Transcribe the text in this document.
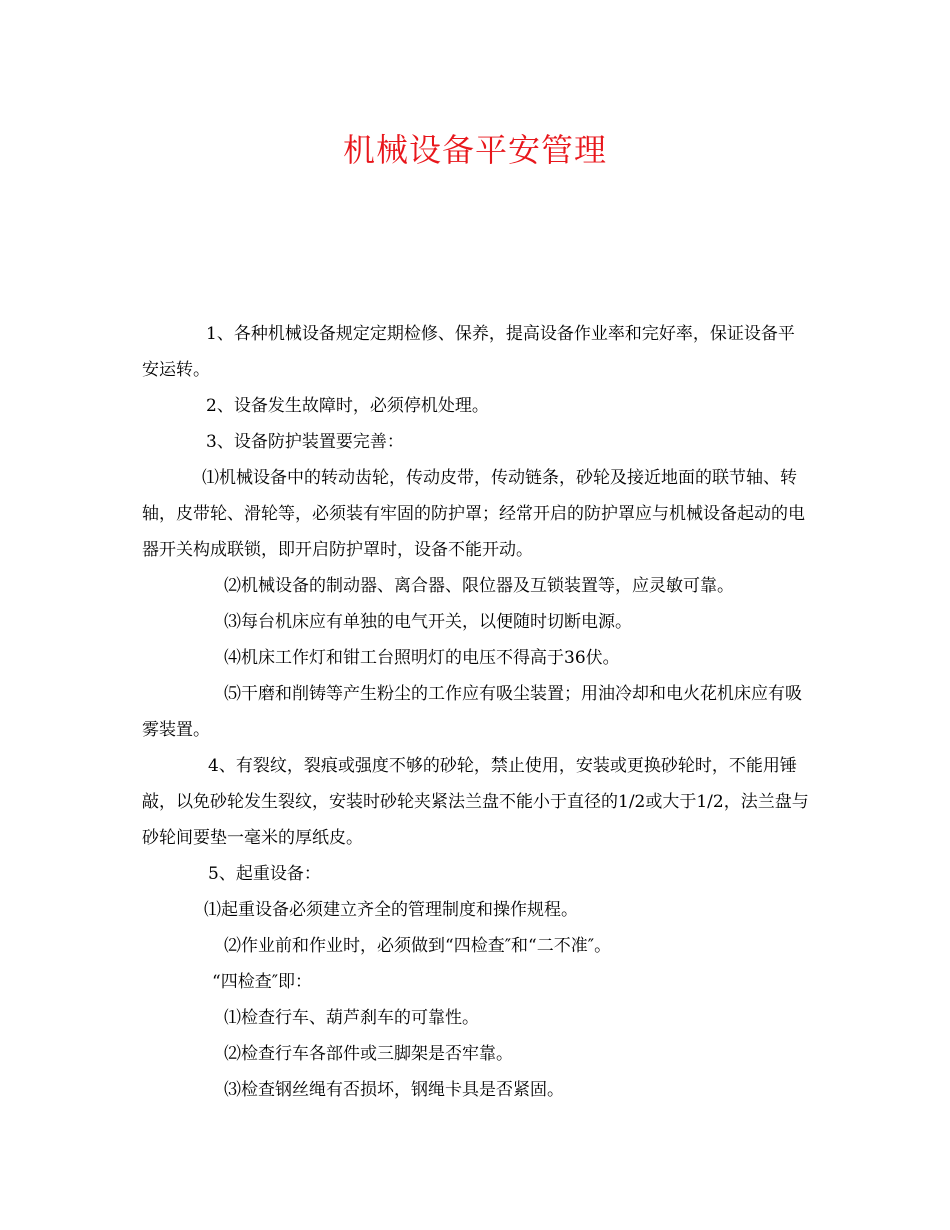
机械设备平安管理

1、各种机械设备规定定期检修、保养，提高设备作业率和完好率，保证设备平安运转。

2、设备发生故障时，必须停机处理。

3、设备防护装置要完善：

⑴机械设备中的转动齿轮，传动皮带，传动链条，砂轮及接近地面的联节轴、转轴，皮带轮、滑轮等，必须装有牢固的防护罩；经常开启的防护罩应与机械设备起动的电器开关构成联锁，即开启防护罩时，设备不能开动。

⑵机械设备的制动器、离合器、限位器及互锁装置等，应灵敏可靠。

⑶每台机床应有单独的电气开关，以便随时切断电源。

⑷机床工作灯和钳工台照明灯的电压不得高于36伏。

⑸干磨和削铸等产生粉尘的工作应有吸尘装置；用油冷却和电火花机床应有吸雾装置。

4、有裂纹，裂痕或强度不够的砂轮，禁止使用，安装或更换砂轮时，不能用锤敲，以免砂轮发生裂纹，安装时砂轮夹紧法兰盘不能小于直径的1/2或大于1/2，法兰盘与砂轮间要垫一毫米的厚纸皮。

5、起重设备：

⑴起重设备必须建立齐全的管理制度和操作规程。

⑵作业前和作业时，必须做到“四检查″和“二不准″。

“四检查″即：

⑴检查行车、葫芦刹车的可靠性。

⑵检查行车各部件或三脚架是否牢靠。

⑶检查钢丝绳有否损坏，钢绳卡具是否紧固。
